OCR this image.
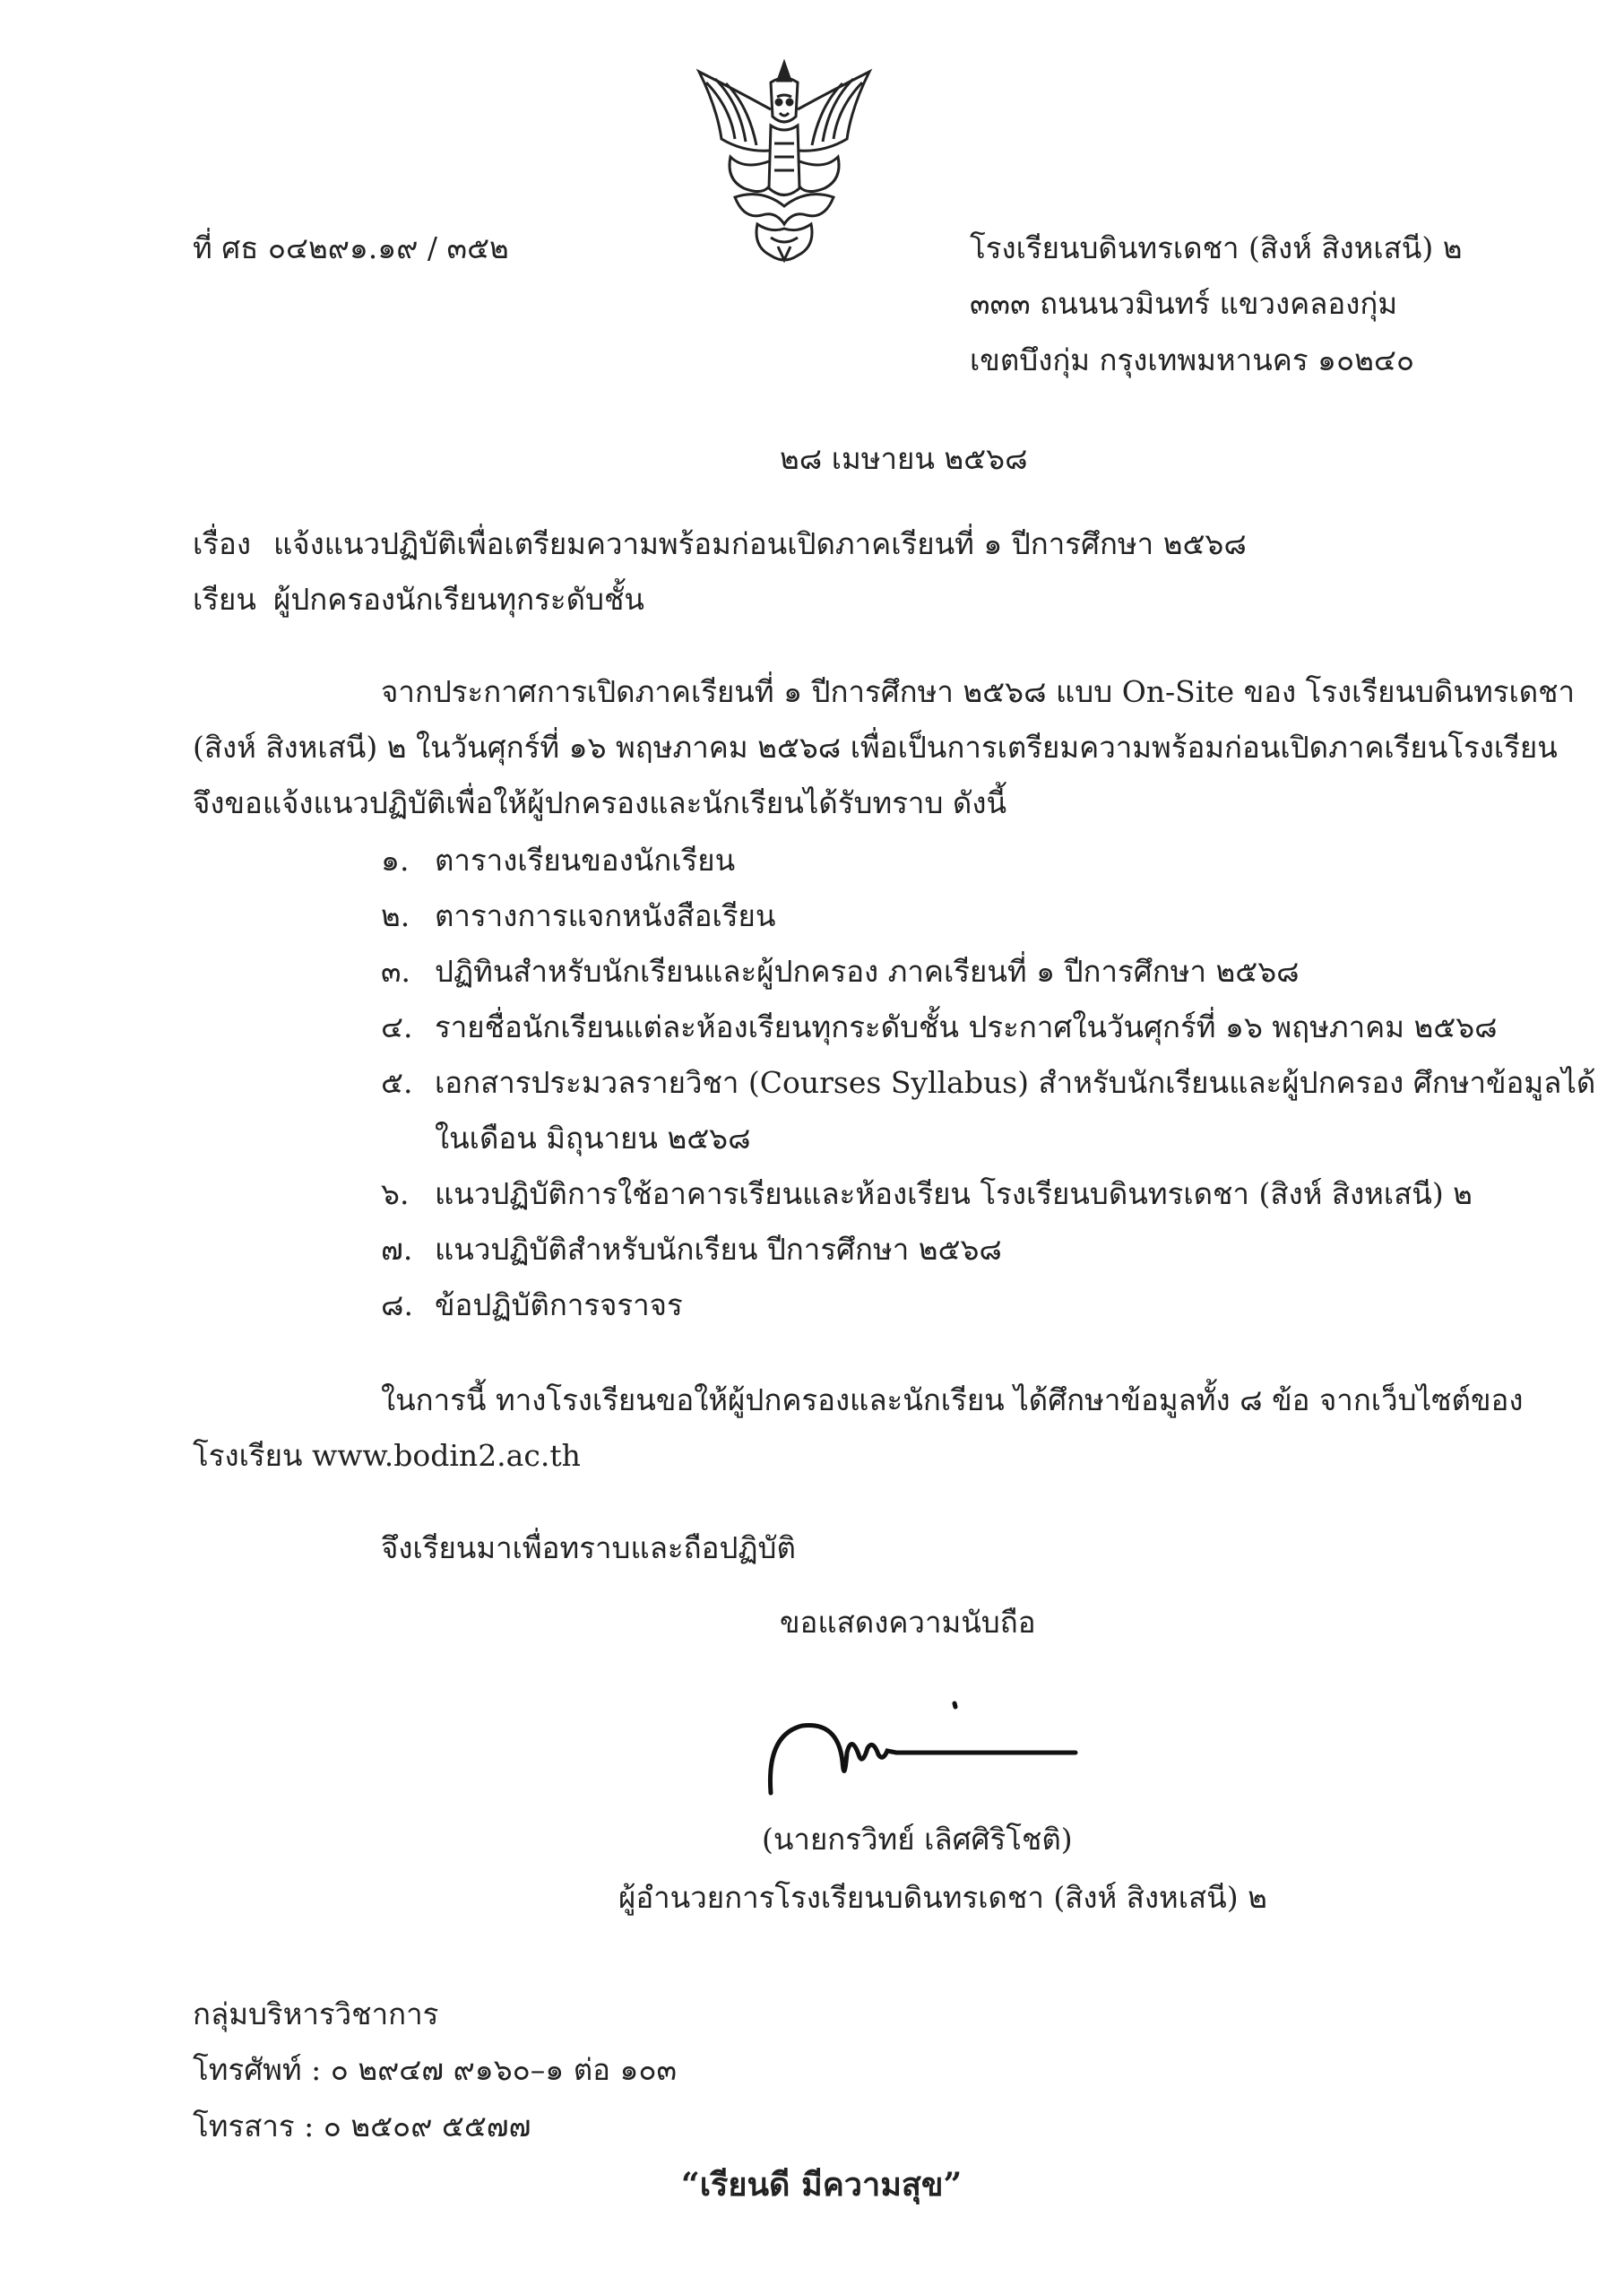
ที่ ศธ ๐๔๒๙๑.๑๙ / ๓๕๒	โรงเรียนบดินทรเดชา (สิงห์ สิงหเสนี) ๒
๓๓๓ ถนนนวมินทร์ แขวงคลองกุ่ม
เขตบึงกุ่ม กรุงเทพมหานคร ๑๐๒๔๐
๒๘ เมษายน ๒๕๖๘
เรื่อง แจ้งแนวปฏิบัติเพื่อเตรียมความพร้อมก่อนเปิดภาคเรียนที่ ๑ ปีการศึกษา ๒๕๖๘
เรียน ผู้ปกครองนักเรียนทุกระดับชั้น
จากประกาศการเปิดภาคเรียนที่ ๑ ปีการศึกษา ๒๕๖๘ แบบ On-Site ของ โรงเรียนบดินทรเดชา
(สิงห์ สิงหเสนี) ๒ ในวันศุกร์ที่ ๑๖ พฤษภาคม ๒๕๖๘ เพื่อเป็นการเตรียมความพร้อมก่อนเปิดภาคเรียนโรงเรียน
จึงขอแจ้งแนวปฏิบัติเพื่อให้ผู้ปกครองและนักเรียนได้รับทราบ ดังนี้
๑. ตารางเรียนของนักเรียน
๒. ตารางการแจกหนังสือเรียน
๓. ปฏิทินสำหรับนักเรียนและผู้ปกครอง ภาคเรียนที่ ๑ ปีการศึกษา ๒๕๖๘
๔. รายชื่อนักเรียนแต่ละห้องเรียนทุกระดับชั้น ประกาศในวันศุกร์ที่ ๑๖ พฤษภาคม ๒๕๖๘
๕. เอกสารประมวลรายวิชา (Courses Syllabus) สำหรับนักเรียนและผู้ปกครอง ศึกษาข้อมูลได้
ในเดือน มิถุนายน ๒๕๖๘
๖. แนวปฏิบัติการใช้อาคารเรียนและห้องเรียน โรงเรียนบดินทรเดชา (สิงห์ สิงหเสนี) ๒
๗. แนวปฏิบัติสำหรับนักเรียน ปีการศึกษา ๒๕๖๘
๘. ข้อปฏิบัติการจราจร
ในการนี้ ทางโรงเรียนขอให้ผู้ปกครองและนักเรียน ได้ศึกษาข้อมูลทั้ง ๘ ข้อ จากเว็บไซต์ของ
โรงเรียน www.bodin2.ac.th
จึงเรียนมาเพื่อทราบและถือปฏิบัติ
ขอแสดงความนับถือ
(นายกรวิทย์ เลิศศิริโชติ)
ผู้อำนวยการโรงเรียนบดินทรเดชา (สิงห์ สิงหเสนี) ๒
กลุ่มบริหารวิชาการ
โทรศัพท์ : ๐ ๒๙๔๗ ๙๑๖๐–๑ ต่อ ๑๐๓
โทรสาร : ๐ ๒๕๐๙ ๕๕๗๗
“เรียนดี มีความสุข”
